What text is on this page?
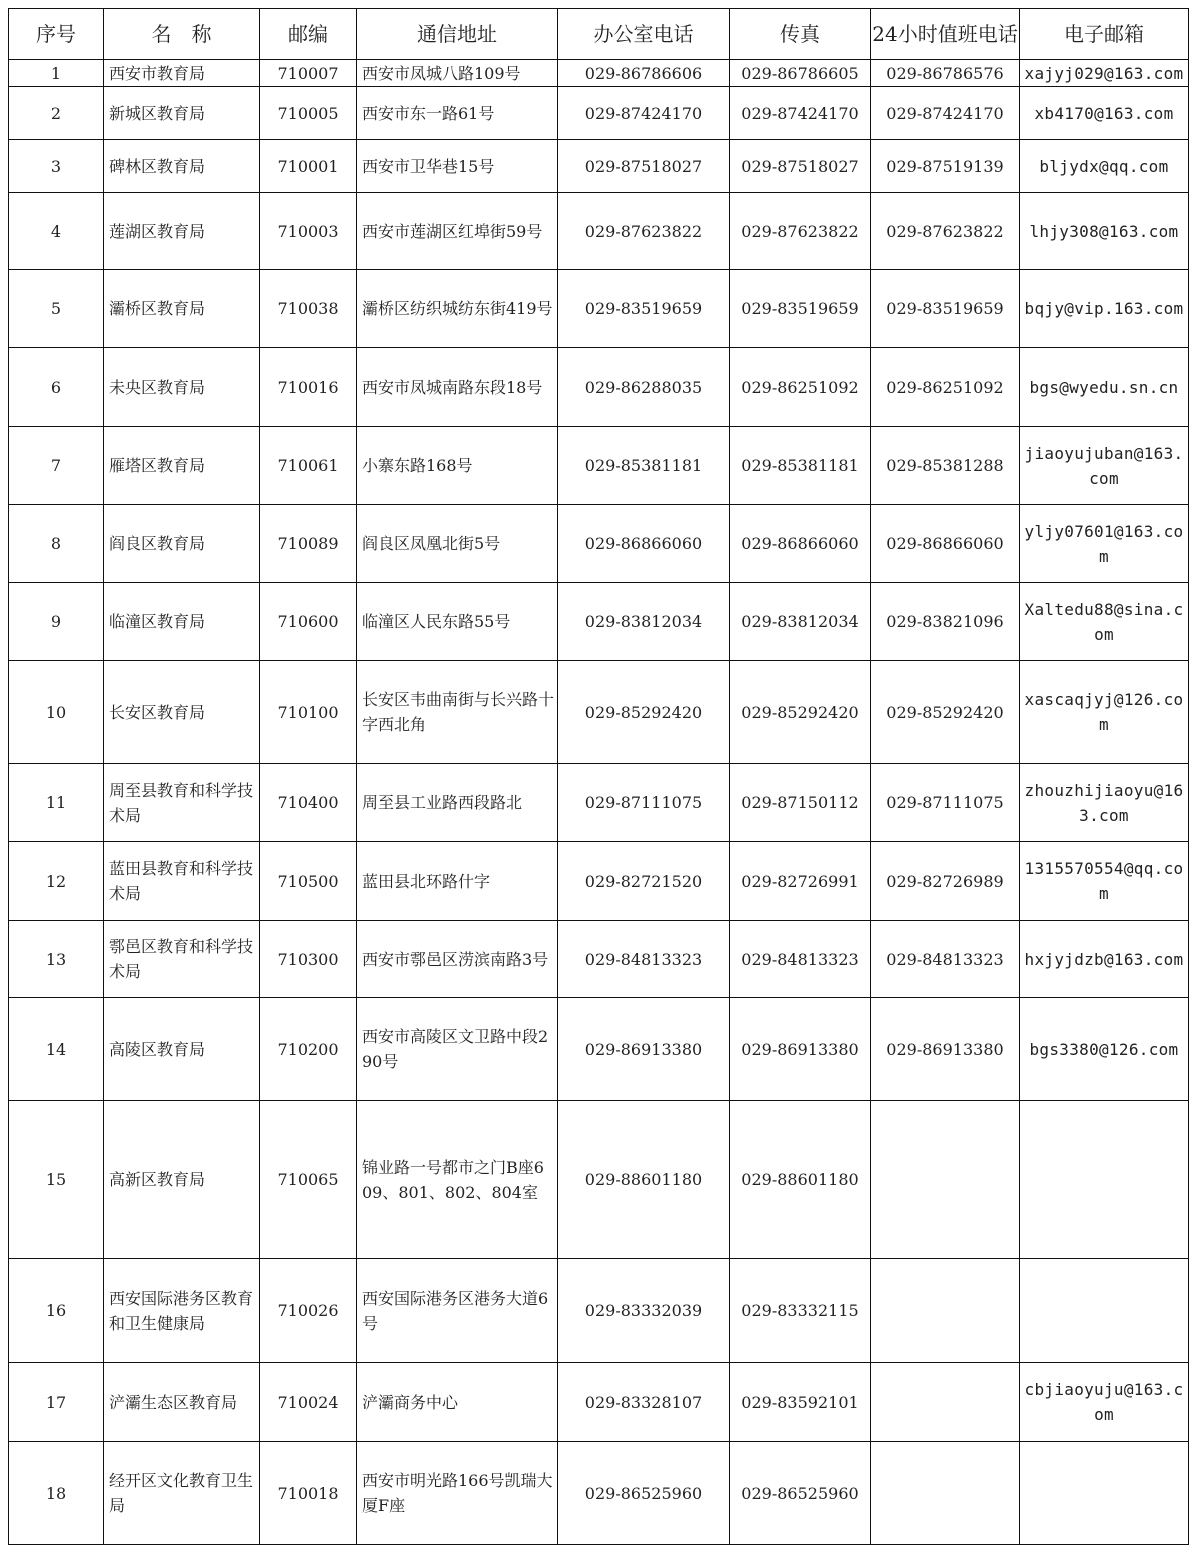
序号	名　称	邮编	通信地址	办公室电话	传真	24小时值班电话	电子邮箱
1	西安市教育局	710007	西安市凤城八路109号	029-86786606	029-86786605	029-86786576	xajyj029@163.com
2	新城区教育局	710005	西安市东一路61号	029-87424170	029-87424170	029-87424170	xb4170@163.com
3	碑林区教育局	710001	西安市卫华巷15号	029-87518027	029-87518027	029-87519139	bljydx@qq.com
4	莲湖区教育局	710003	西安市莲湖区红埠街59号	029-87623822	029-87623822	029-87623822	lhjy308@163.com
5	灞桥区教育局	710038	灞桥区纺织城纺东街419号	029-83519659	029-83519659	029-83519659	bqjy@vip.163.com
6	未央区教育局	710016	西安市凤城南路东段18号	029-86288035	029-86251092	029-86251092	bgs@wyedu.sn.cn
7	雁塔区教育局	710061	小寨东路168号	029-85381181	029-85381181	029-85381288	jiaoyujuban@163.com
8	阎良区教育局	710089	阎良区凤凰北街5号	029-86866060	029-86866060	029-86866060	yljy07601@163.com
9	临潼区教育局	710600	临潼区人民东路55号	029-83812034	029-83812034	029-83821096	Xaltedu88@sina.com
10	长安区教育局	710100	长安区韦曲南街与长兴路十字西北角	029-85292420	029-85292420	029-85292420	xascaqjyj@126.com
11	周至县教育和科学技术局	710400	周至县工业路西段路北	029-87111075	029-87150112	029-87111075	zhouzhijiaoyu@163.com
12	蓝田县教育和科学技术局	710500	蓝田县北环路什字	029-82721520	029-82726991	029-82726989	1315570554@qq.com
13	鄠邑区教育和科学技术局	710300	西安市鄠邑区涝滨南路3号	029-84813323	029-84813323	029-84813323	hxjyjdzb@163.com
14	高陵区教育局	710200	西安市高陵区文卫路中段290号	029-86913380	029-86913380	029-86913380	bgs3380@126.com
15	高新区教育局	710065	锦业路一号都市之门B座609、801、802、804室	029-88601180	029-88601180		
16	西安国际港务区教育和卫生健康局	710026	西安国际港务区港务大道6号	029-83332039	029-83332115		
17	浐灞生态区教育局	710024	浐灞商务中心	029-83328107	029-83592101		cbjiaoyuju@163.com
18	经开区文化教育卫生局	710018	西安市明光路166号凯瑞大厦F座	029-86525960	029-86525960		
